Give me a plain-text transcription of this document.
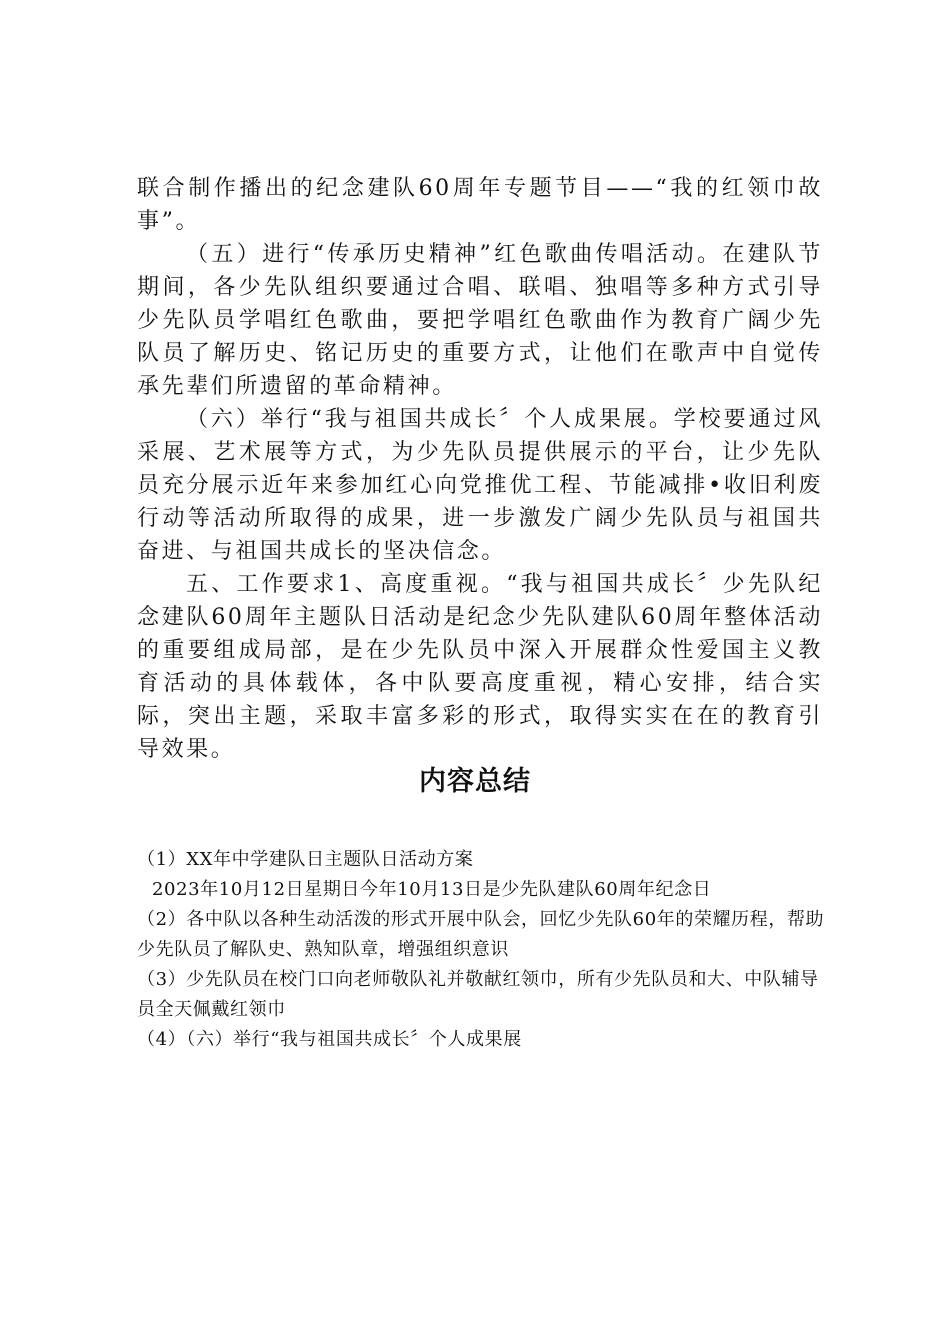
联合制作播出的纪念建队60周年专题节目——“我的红领巾故事”。

（五）进行“传承历史精神”红色歌曲传唱活动。在建队节期间，各少先队组织要通过合唱、联唱、独唱等多种方式引导少先队员学唱红色歌曲，要把学唱红色歌曲作为教育广阔少先队员了解历史、铭记历史的重要方式，让他们在歌声中自觉传承先辈们所遗留的革命精神。

（六）举行“我与祖国共成长〞个人成果展。学校要通过风采展、艺术展等方式，为少先队员提供展示的平台，让少先队员充分展示近年来参加红心向党推优工程、节能减排•收旧利废行动等活动所取得的成果，进一步激发广阔少先队员与祖国共奋进、与祖国共成长的坚决信念。

五、工作要求1、高度重视。“我与祖国共成长〞少先队纪念建队60周年主题队日活动是纪念少先队建队60周年整体活动的重要组成局部，是在少先队员中深入开展群众性爱国主义教育活动的具体载体，各中队要高度重视，精心安排，结合实际，突出主题，采取丰富多彩的形式，取得实实在在的教育引导效果。

内容总结

（1）XX年中学建队日主题队日活动方案

2023年10月12日星期日今年10月13日是少先队建队60周年纪念日

（2）各中队以各种生动活泼的形式开展中队会，回忆少先队60年的荣耀历程，帮助少先队员了解队史、熟知队章，增强组织意识

（3）少先队员在校门口向老师敬队礼并敬献红领巾，所有少先队员和大、中队辅导员全天佩戴红领巾

（4）（六）举行“我与祖国共成长〞个人成果展
